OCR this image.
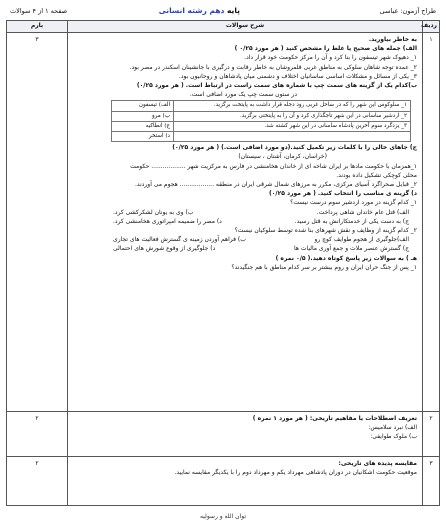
طراح آزمون: عباسی
پایه دهم رشته انسانی
صفحه ۱ از ۴ سوالات
ردیف	شرح سوالات	بارم
۱	
به خاطر بیاورید.
الف) جمله های صحیح یا غلط را مشخص کنید ( هر مورد ۰/۲۵ )
۱_ دهیوک شهر تیسفون را بنا کرد و آن را مرکز حکومت خود قرار داد.
۲_ عمده توجه شاهان سلوکی به مناطق غربی قلمروشان به خاطر رقابت و درگیری با جانشینان اسکندر در مصر بود.
۳_ یکی از مسائل و مشکلات اساسی ساسانیان اختلاف و دشمنی میان پادشاهان و روحانیون بود.
ب)کدام یک از گزینه های سمت چپ با شماره های سمت راست در ارتباط است. ( هر مورد ۰/۲۵)
در ستون سمت چپ یک مورد اضافی است.
۱_ سلوکوس این شهر را که در ساحل غربی رود دجله قرار داشت به پایتخت برگزید.	الف) تیسفون
۲_ اردشیر ساسانی در این شهر تاجگذاری کرد و آن را به پایتختی برگزید.	ب) مرو
۳_ یزدگرد سوم آخرین پادشاه ساسانی در این شهر کشته شد.	ج) انطاکیه
	د) استخر
ج) جاهای خالی را با کلمات زیر تکمیل کنید.(دو مورد اضافی است.) ( هر مورد ۰/۲۵)
(خراسان، کرمان، آشتان ، سیستان)
۱_همزمان با حکومت مادها بر ایران شاخه ای از خاندان هخامنشی در فارس به مرکزیت شهر .................. حکومت
محلی کوچکی تشکیل داده بودند.
۲_ قبایل صحراگرد آسیای مرکزی، مکرر به مرزهای شمال شرقی ایران در منطقه .................. هجوم می آوردند.
د) گزینه ی مناسب را انتخاب کنید. ( هر مورد ۰/۲۵)
۱_ کدام گزینه در مورد اردشیر سوم درست نیست؟
الف) قتل عام خاندان شاهی پرداخت.
ب) وی به یونان لشکرکشی کرد.
ج) به دست یکی از خدمتکارانش به قتل رسید.
د) مصر را ضمیمه امپراتوری هخامنشی کرد.
۲_ کدام گزینه از وظایف و نقش شهرهای بنا شده توسط سلوکیان نیست؟
الف)جلوگیری از هجوم طوایف کوچ رو
ب) فراهم آوردن زمینه ی گسترش فعالیت های تجاری
ج) گسترش عنصر ملات و جمع آوری مالیات ها
د) جلوگیری از وقوع شورش های احتمالی
هـ ) به سوالات زیر پاسخ کوتاه دهید.( ۰/۵ نمره )
۱_ پس از جنگ حران ایران و روم بیشتر بر سر کدام مناطق با هم جنگیدند؟
	۳
۲	
تعریف اصطلاحات یا مفاهیم تاریخی: ( هر مورد ۱ نمره )
الف) نبرد سلامیس:
ب) ملوک طوایفی:
	۲
۳	
مقایسه پدیده های تاریخی:
موقعیت حکومت اشکانیان در دوران پادشاهی مهرداد یکم و مهرداد دوم را با یکدیگر مقایسه نمایید.
	۲
توان الله و رسولیه
